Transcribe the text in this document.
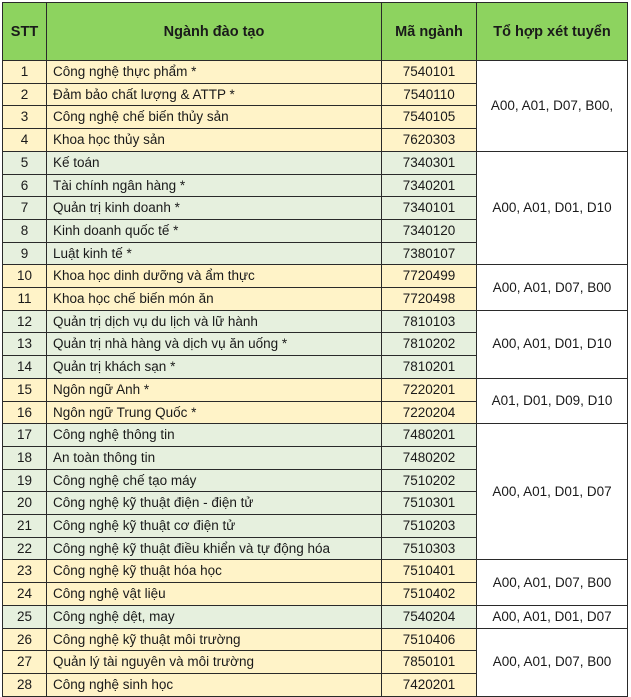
STT	Ngành đào tạo	Mã ngành	Tổ hợp xét tuyển
1	Công nghệ thực phẩm *	7540101	A00, A01, D07, B00,
2	Đảm bảo chất lượng & ATTP *	7540110	
3	Công nghệ chế biến thủy sản	7540105	
4	Khoa học thủy sản	7620303	
5	Kế toán	7340301	A00, A01, D01, D10
6	Tài chính ngân hàng *	7340201	
7	Quản trị kinh doanh *	7340101	
8	Kinh doanh quốc tế *	7340120	
9	Luật kinh tế *	7380107	
10	Khoa học dinh dưỡng và ẩm thực	7720499	A00, A01, D07, B00
11	Khoa học chế biến món ăn	7720498	
12	Quản trị dịch vụ du lịch và lữ hành	7810103	A00, A01, D01, D10
13	Quản trị nhà hàng và dịch vụ ăn uống *	7810202	
14	Quản trị khách sạn *	7810201	
15	Ngôn ngữ Anh *	7220201	A01, D01, D09, D10
16	Ngôn ngữ Trung Quốc *	7220204	
17	Công nghệ thông tin	7480201	A00, A01, D01, D07
18	An toàn thông tin	7480202	
19	Công nghệ chế tạo máy	7510202	
20	Công nghệ kỹ thuật điện - điện tử	7510301	
21	Công nghệ kỹ thuật cơ điện tử	7510203	
22	Công nghệ kỹ thuật điều khiển và tự động hóa	7510303	
23	Công nghệ kỹ thuật hóa học	7510401	A00, A01, D07, B00
24	Công nghệ vật liệu	7510402	
25	Công nghệ dệt, may	7540204	A00, A01, D01, D07
26	Công nghệ kỹ thuật môi trường	7510406	A00, A01, D07, B00
27	Quản lý tài nguyên và môi trường	7850101	
28	Công nghệ sinh học	7420201	
